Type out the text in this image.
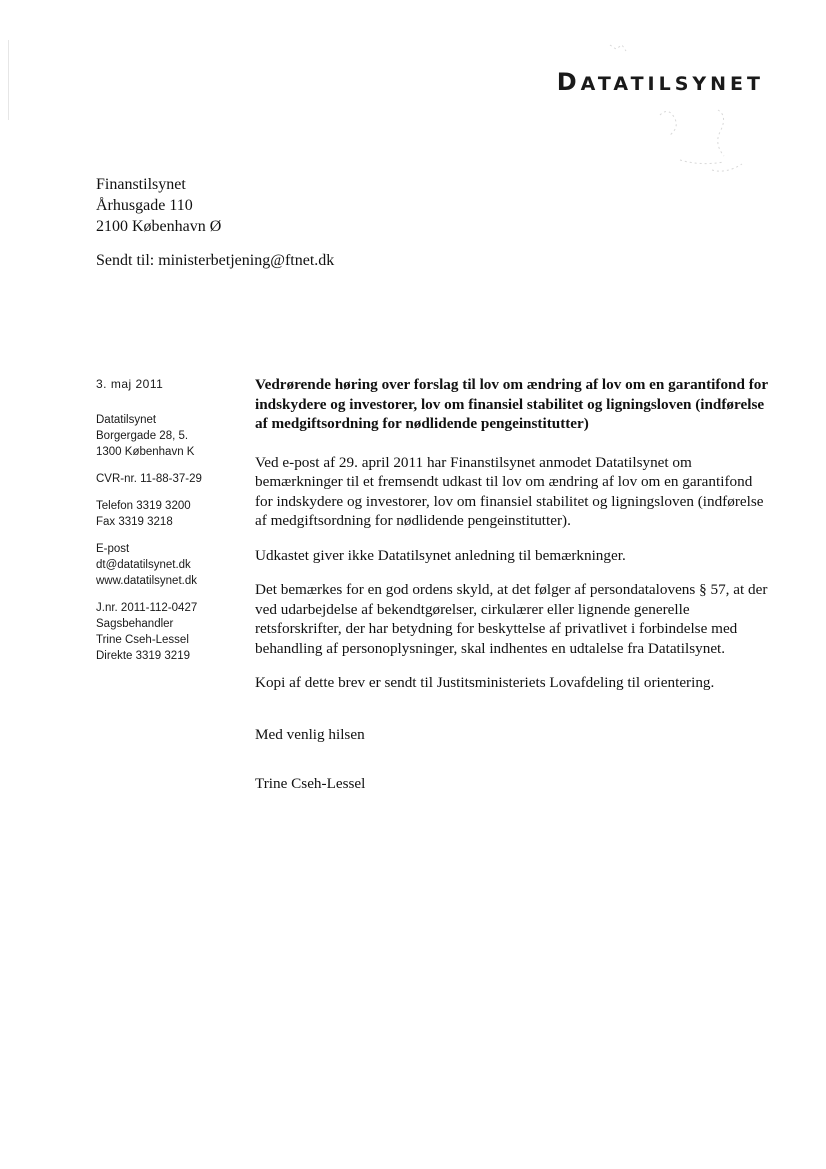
DATATILSYNET
Finanstilsynet
Århusgade 110
2100 København Ø
Sendt til: ministerbetjening@ftnet.dk
3. maj 2011
Datatilsynet
Borgergade 28, 5.
1300 København K
CVR-nr. 11-88-37-29
Telefon 3319 3200
Fax 3319 3218
E-post
dt@datatilsynet.dk
www.datatilsynet.dk
J.nr. 2011-112-0427
Sagsbehandler
Trine Cseh-Lessel
Direkte 3319 3219

Vedrørende høring over forslag til lov om ændring af lov om en garantifond for indskydere og investorer, lov om finansiel stabilitet og ligningsloven (indførelse af medgiftsordning for nødlidende pengeinstitutter)

Ved e-post af 29. april 2011 har Finanstilsynet anmodet Datatilsynet om bemærkninger til et fremsendt udkast til lov om ændring af lov om en garantifond for indskydere og investorer, lov om finansiel stabilitet og ligningsloven (indførelse af medgiftsordning for nødlidende pengeinstitutter).

Udkastet giver ikke Datatilsynet anledning til bemærkninger.

Det bemærkes for en god ordens skyld, at det følger af persondatalovens § 57, at der ved udarbejdelse af bekendtgørelser, cirkulærer eller lignende generelle retsforskrifter, der har betydning for beskyttelse af privatlivet i forbindelse med behandling af personoplysninger, skal indhentes en udtalelse fra Datatilsynet.

Kopi af dette brev er sendt til Justitsministeriets Lovafdeling til orientering.

Med venlig hilsen
Trine Cseh-Lessel
